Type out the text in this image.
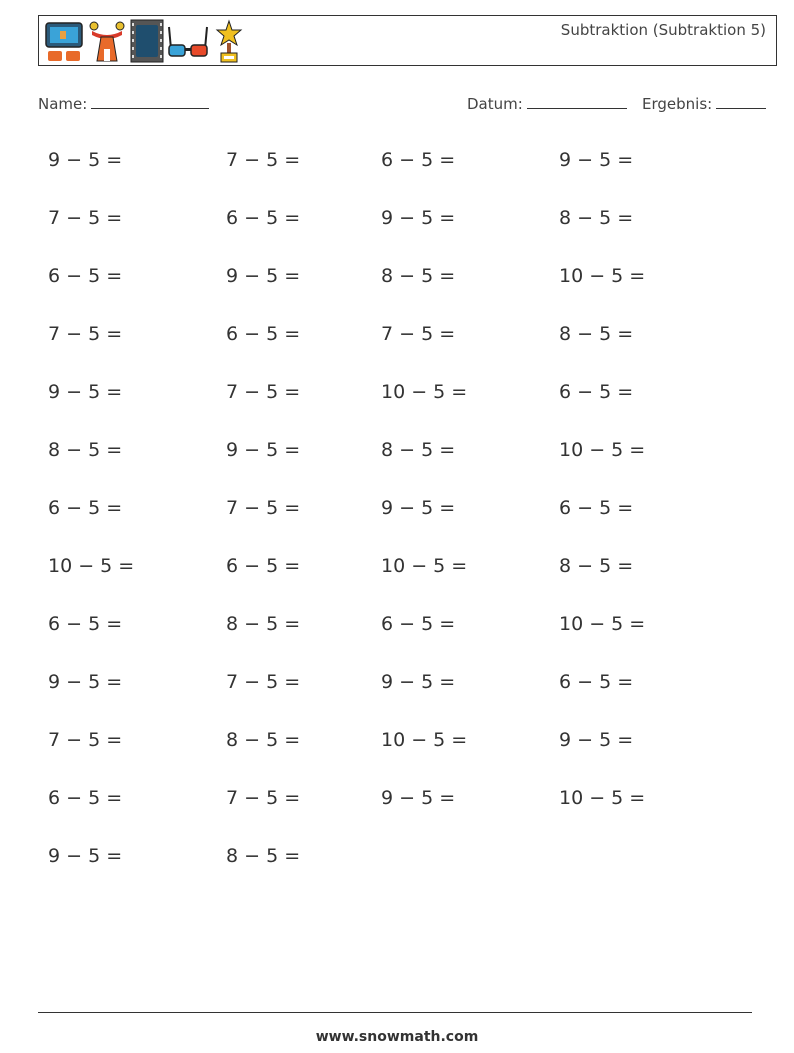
Subtraktion (Subtraktion 5)
Name:	Datum:	Ergebnis:
9 − 5 =	7 − 5 =	6 − 5 =	9 − 5 =
7 − 5 =	6 − 5 =	9 − 5 =	8 − 5 =
6 − 5 =	9 − 5 =	8 − 5 =	10 − 5 =
7 − 5 =	6 − 5 =	7 − 5 =	8 − 5 =
9 − 5 =	7 − 5 =	10 − 5 =	6 − 5 =
8 − 5 =	9 − 5 =	8 − 5 =	10 − 5 =
6 − 5 =	7 − 5 =	9 − 5 =	6 − 5 =
10 − 5 =	6 − 5 =	10 − 5 =	8 − 5 =
6 − 5 =	8 − 5 =	6 − 5 =	10 − 5 =
9 − 5 =	7 − 5 =	9 − 5 =	6 − 5 =
7 − 5 =	8 − 5 =	10 − 5 =	9 − 5 =
6 − 5 =	7 − 5 =	9 − 5 =	10 − 5 =
9 − 5 =	8 − 5 =
www.snowmath.com
